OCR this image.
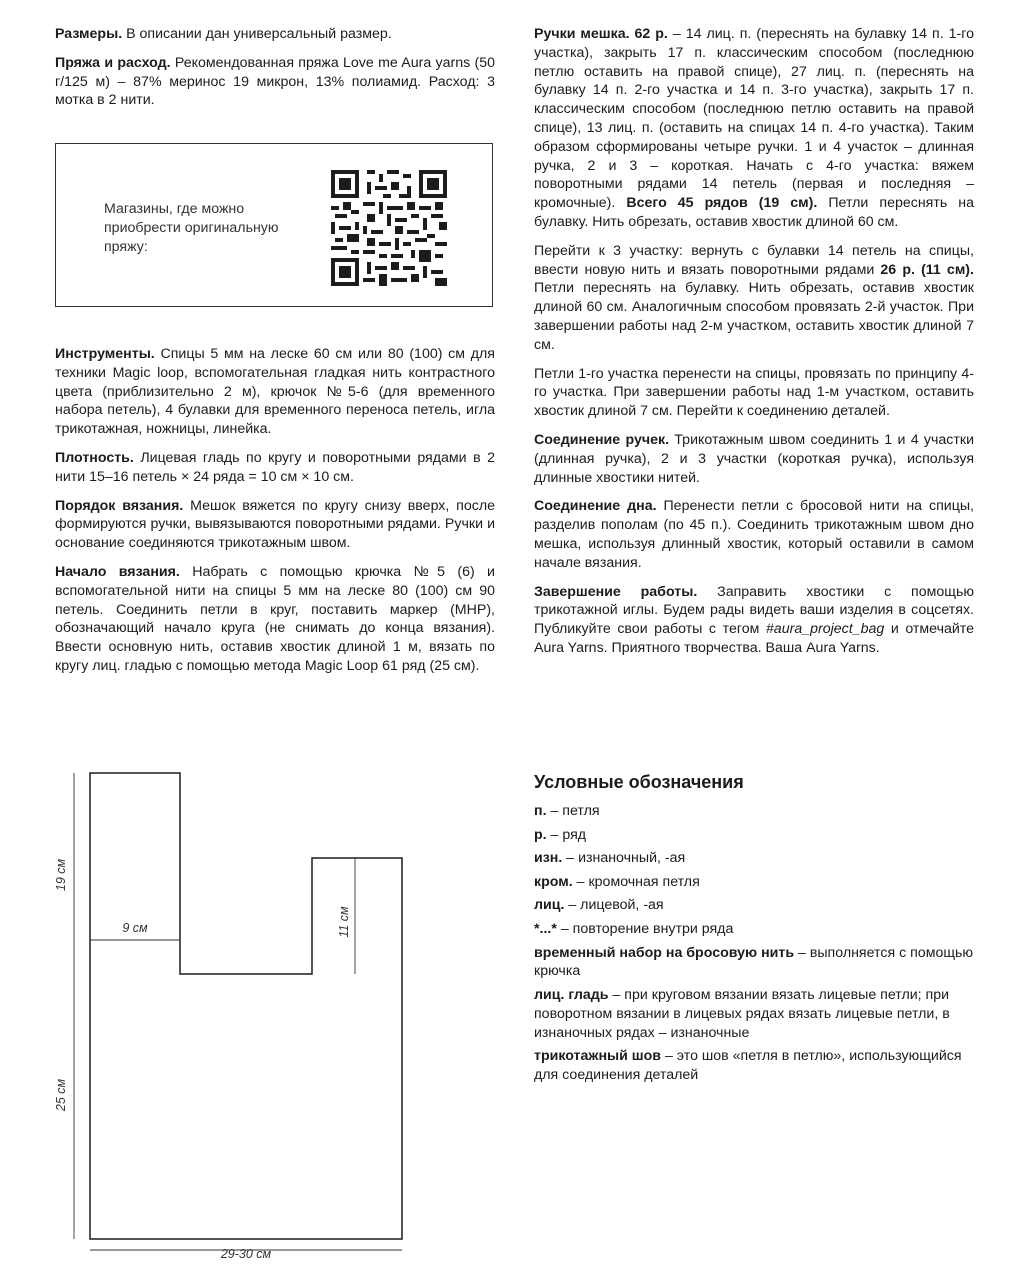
Размеры. В описании дан универсальный размер.

Пряжа и расход. Рекомендованная пряжа Love me Aura yarns (50 г/125 м) – 87% меринос 19 микрон, 13% полиамид. Расход: 3 мотка в 2 нити.

Магазины, где можно приобрести оригинальную пряжу:

Инструменты. Спицы 5 мм на леске 60 см или 80 (100) см для техники Magic loop, вспомогательная гладкая нить контрастного цвета (приблизительно 2 м), крючок №5-6 (для временного набора петель), 4 булавки для временного переноса петель, игла трикотажная, ножницы, линейка.

Плотность. Лицевая гладь по кругу и поворотными рядами в 2 нити 15–16 петель × 24 ряда = 10 см × 10 см.

Порядок вязания. Мешок вяжется по кругу снизу вверх, после формируются ручки, вывязываются поворотными рядами. Ручки и основание соединяются трикотажным швом.

Начало вязания. Набрать с помощью крючка №5 (6) и вспомогательной нити на спицы 5 мм на леске 80 (100) см 90 петель. Соединить петли в круг, поставить маркер (МНР), обозначающий начало круга (не снимать до конца вязания). Ввести основную нить, оставив хвостик длиной 1 м, вязать по кругу лиц. гладью с помощью метода Magic Loop 61 ряд (25 см).

Ручки мешка. 62 р. – 14 лиц. п. (переснять на булавку 14 п. 1-го участка), закрыть 17 п. классическим способом (последнюю петлю оставить на правой спице), 27 лиц. п. (переснять на булавку 14 п. 2-го участка и 14 п. 3-го участка), закрыть 17 п. классическим способом (последнюю петлю оставить на правой спице), 13 лиц. п. (оставить на спицах 14 п. 4-го участка). Таким образом сформированы четыре ручки. 1 и 4 участок – длинная ручка, 2 и 3 – короткая. Начать с 4-го участка: вяжем поворотными рядами 14 петель (первая и последняя – кромочные). Всего 45 рядов (19 см). Петли переснять на булавку. Нить обрезать, оставив хвостик длиной 60 см.

Перейти к 3 участку: вернуть с булавки 14 петель на спицы, ввести новую нить и вязать поворотными рядами 26 р. (11 см). Петли переснять на булавку. Нить обрезать, оставив хвостик длиной 60 см. Аналогичным способом провязать 2-й участок. При завершении работы над 2-м участком, оставить хвостик длиной 7 см.

Петли 1-го участка перенести на спицы, провязать по принципу 4-го участка. При завершении работы над 1-м участком, оставить хвостик длиной 7 см. Перейти к соединению деталей.

Соединение ручек. Трикотажным швом соединить 1 и 4 участки (длинная ручка), 2 и 3 участки (короткая ручка), используя длинные хвостики нитей.

Соединение дна. Перенести петли с бросовой нити на спицы, разделив пополам (по 45 п.). Соединить трикотажным швом дно мешка, используя длинный хвостик, который оставили в самом начале вязания.

Завершение работы. Заправить хвостики с помощью трикотажной иглы. Будем рады видеть ваши изделия в соцсетях. Публикуйте свои работы с тегом #aura_project_bag и отмечайте Aura Yarns. Приятного творчества. Ваша Aura Yarns.

Условные обозначения
п. – петля
р. – ряд
изн. – изнаночный, -ая
кром. – кромочная петля
лиц. – лицевой, -ая
*...* – повторение внутри ряда
временный набор на бросовую нить – выполняется с помощью крючка
лиц. гладь – при круговом вязании вязать лицевые петли; при поворотном вязании в лицевых рядах вязать лицевые петли, в изнаночных рядах – изнаночные
трикотажный шов – это шов «петля в петлю», использующийся для соединения деталей
19 см
9 см	11 см
25 см
29-30 см
